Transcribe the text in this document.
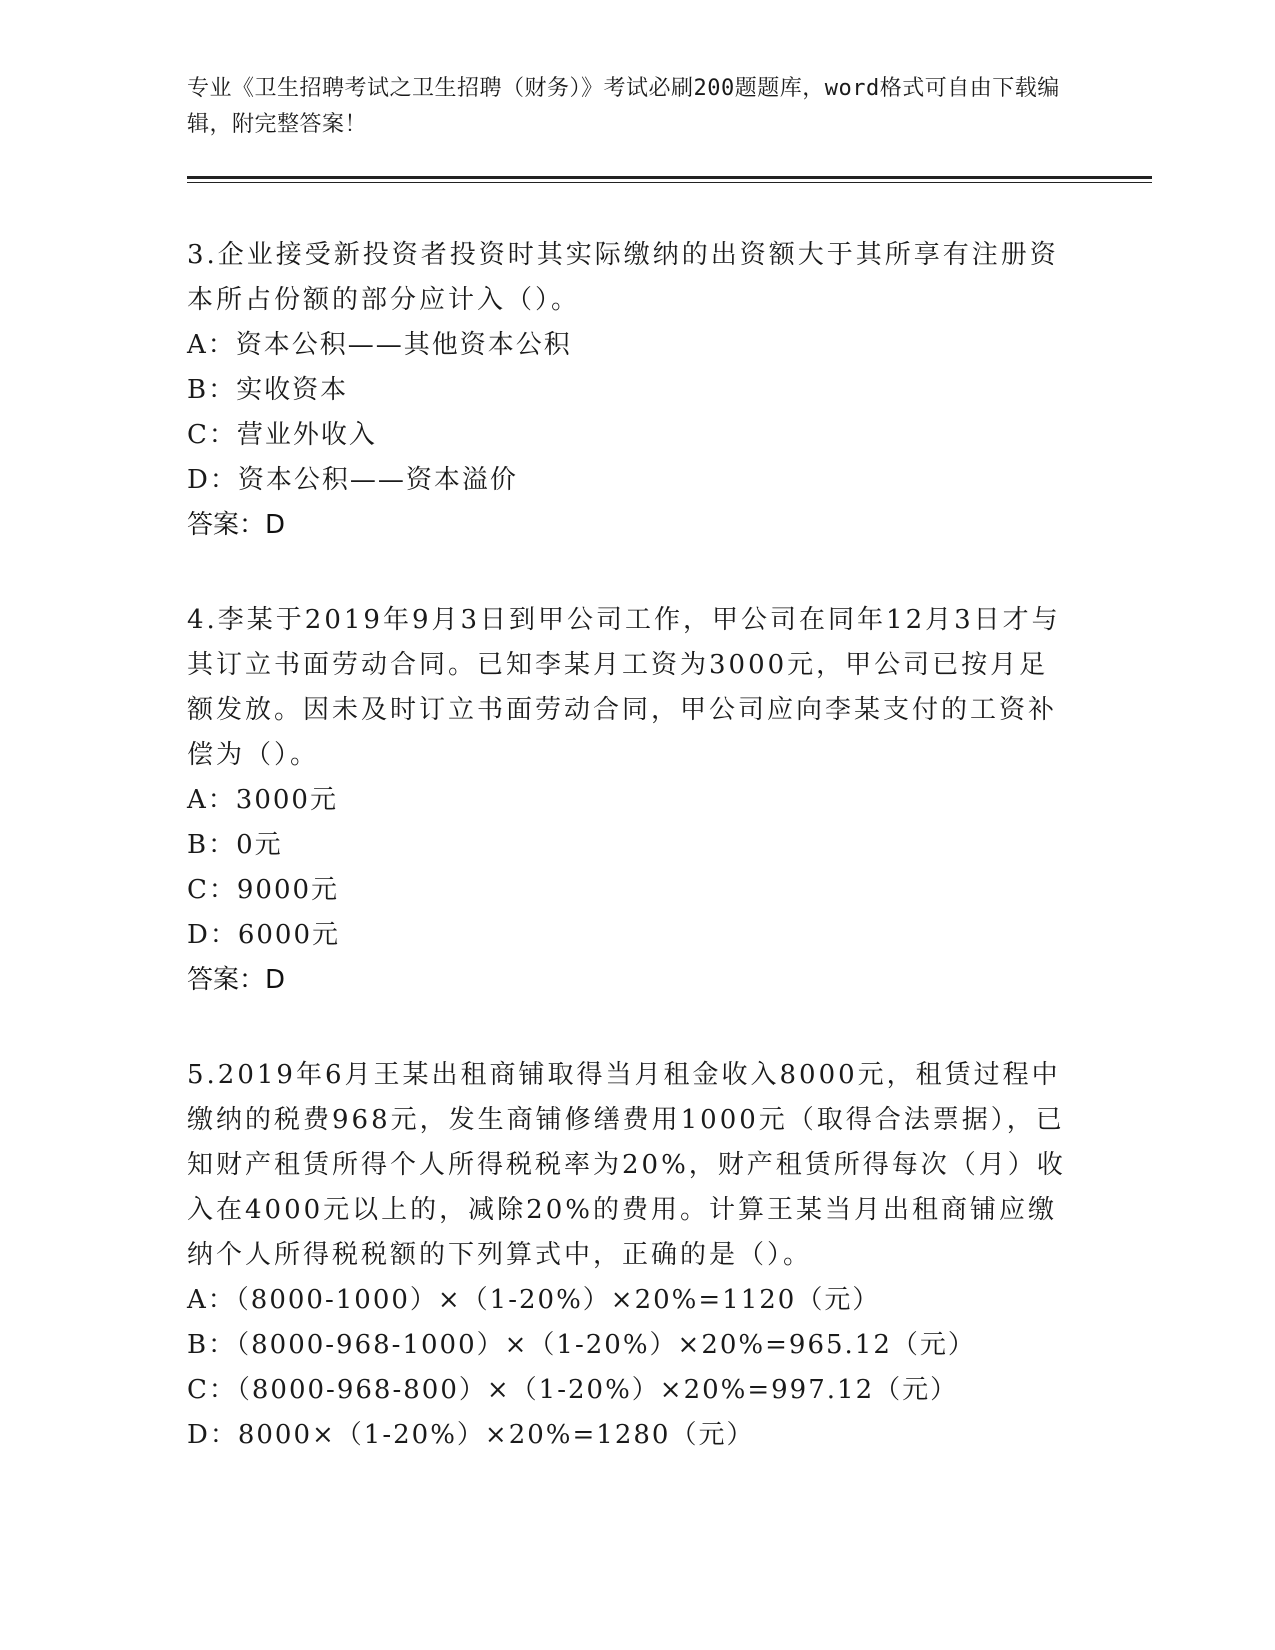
专业《卫生招聘考试之卫生招聘（财务）》考试必刷200题题库，word格式可自由下载编辑，附完整答案！

3.企业接受新投资者投资时其实际缴纳的出资额大于其所享有注册资本所占份额的部分应计入（）。

A：资本公积——其他资本公积

B：实收资本

C：营业外收入

D：资本公积——资本溢价

答案：D

4.李某于2019年9月3日到甲公司工作，甲公司在同年12月3日才与其订立书面劳动合同。已知李某月工资为3000元，甲公司已按月足额发放。因未及时订立书面劳动合同，甲公司应向李某支付的工资补偿为（）。

A：3000元

B：0元

C：9000元

D：6000元

答案：D

5.2019年6月王某出租商铺取得当月租金收入8000元，租赁过程中缴纳的税费968元，发生商铺修缮费用1000元（取得合法票据），已知财产租赁所得个人所得税税率为20%，财产租赁所得每次（月）收入在4000元以上的，减除20%的费用。计算王某当月出租商铺应缴纳个人所得税税额的下列算式中，正确的是（）。

A：（8000-1000）×（1-20%）×20%=1120（元）

B：（8000-968-1000）×（1-20%）×20%=965.12（元）

C：（8000-968-800）×（1-20%）×20%=997.12（元）

D：8000×（1-20%）×20%=1280（元）
